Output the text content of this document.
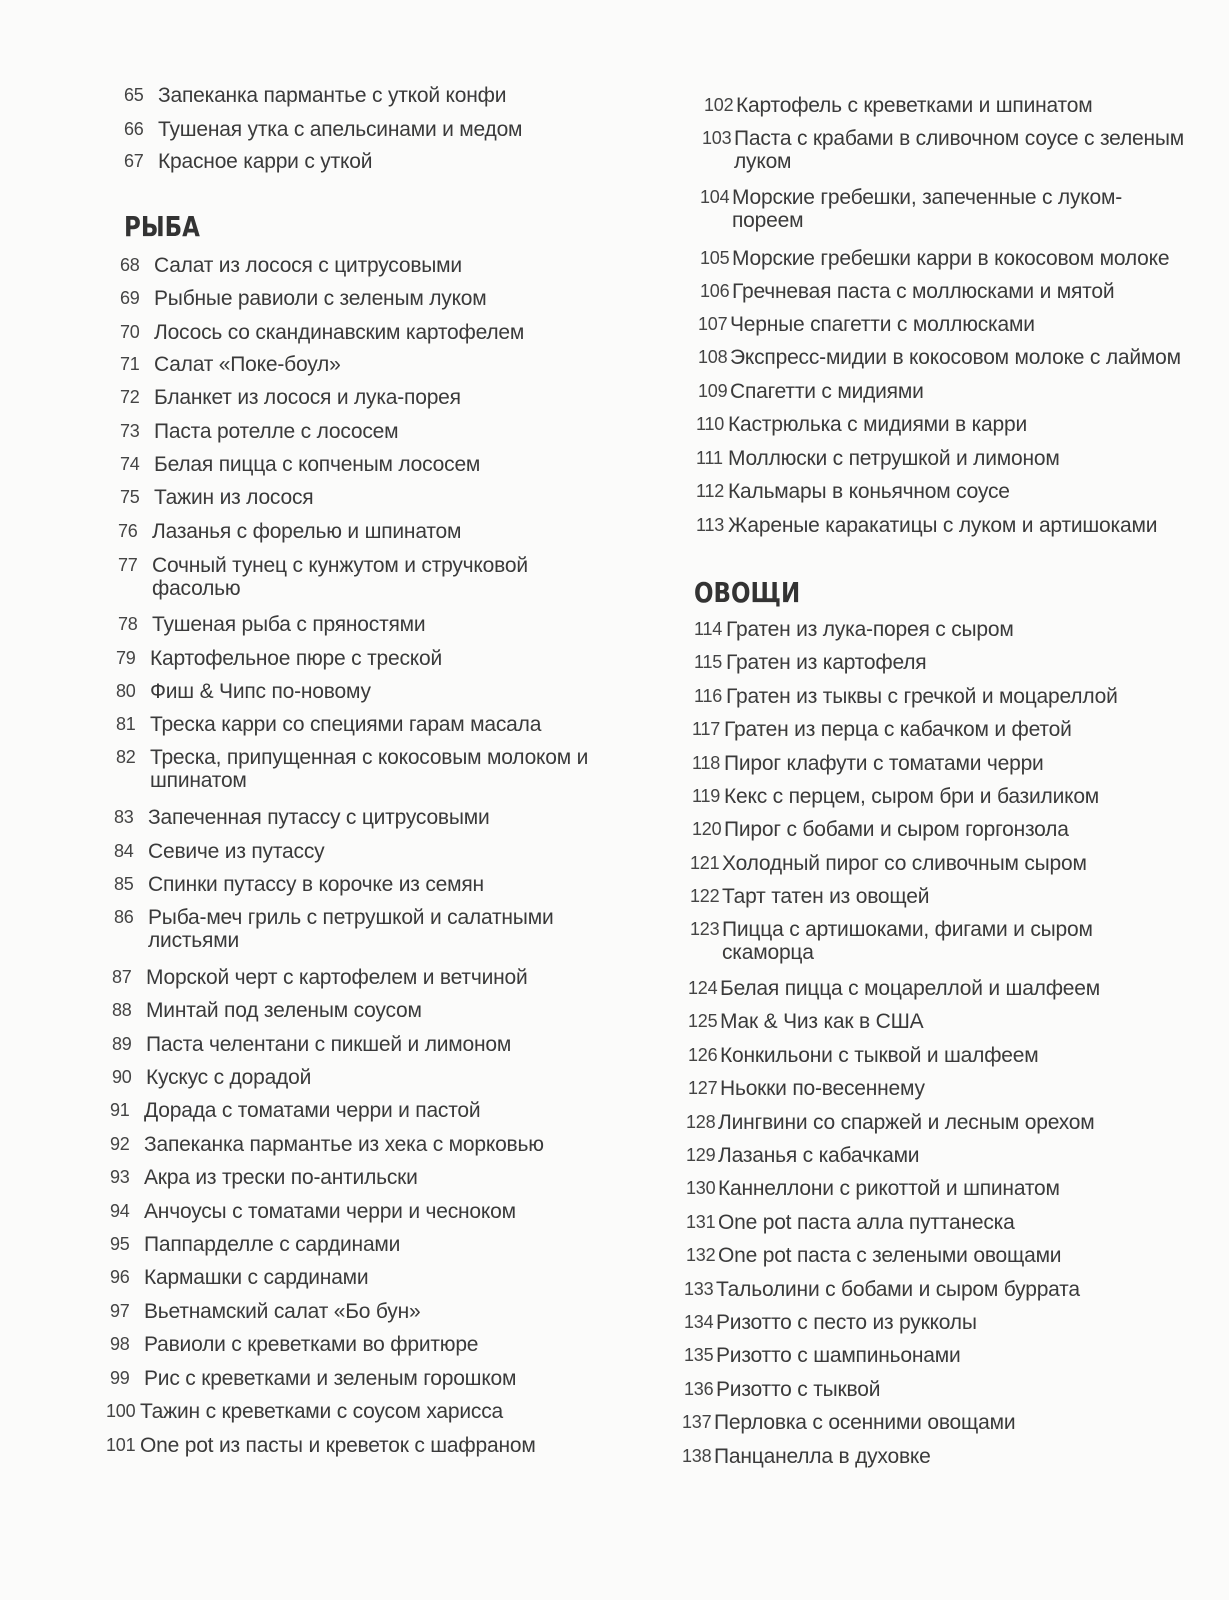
65 Запеканка пармантье с уткой конфи
66 Тушеная утка с апельсинами и медом
67 Красное карри с уткой
РЫБА
68 Салат из лосося с цитрусовыми
69 Рыбные равиоли с зеленым луком
70 Лосось со скандинавским картофелем
71 Салат «Поке-боул»
72 Бланкет из лосося и лука-порея
73 Паста ротелле с лососем
74 Белая пицца с копченым лососем
75 Тажин из лосося
76 Лазанья с форелью и шпинатом
77 Сочный тунец с кунжутом и стручковой фасолью
78 Тушеная рыба с пряностями
79 Картофельное пюре с треской
80 Фиш & Чипс по-новому
81 Треска карри со специями гарам масала
82 Треска, припущенная с кокосовым молоком и шпинатом
83 Запеченная путассу с цитрусовыми
84 Севиче из путассу
85 Спинки путассу в корочке из семян
86 Рыба-меч гриль с петрушкой и салатными листьями
87 Морской черт с картофелем и ветчиной
88 Минтай под зеленым соусом
89 Паста челентани с пикшей и лимоном
90 Кускус с дорадой
91 Дорада с томатами черри и пастой
92 Запеканка пармантье из хека с морковью
93 Акра из трески по-антильски
94 Анчоусы с томатами черри и чесноком
95 Паппарделле с сардинами
96 Кармашки с сардинами
97 Вьетнамский салат «Бо бун»
98 Равиоли с креветками во фритюре
99 Рис с креветками и зеленым горошком
100 Тажин с креветками с соусом харисса
101 One pot из пасты и креветок с шафраном
102 Картофель с креветками и шпинатом
103 Паста с крабами в сливочном соусе с зеленым луком
104 Морские гребешки, запеченные с луком-пореем
105 Морские гребешки карри в кокосовом молоке
106 Гречневая паста с моллюсками и мятой
107 Черные спагетти с моллюсками
108 Экспресс-мидии в кокосовом молоке с лаймом
109 Спагетти с мидиями
110 Кастрюлька с мидиями в карри
111 Моллюски с петрушкой и лимоном
112 Кальмары в коньячном соусе
113 Жареные каракатицы с луком и артишоками
ОВОЩИ
114 Гратен из лука-порея с сыром
115 Гратен из картофеля
116 Гратен из тыквы с гречкой и моцареллой
117 Гратен из перца с кабачком и фетой
118 Пирог клафути с томатами черри
119 Кекс с перцем, сыром бри и базиликом
120 Пирог с бобами и сыром горгонзола
121 Холодный пирог со сливочным сыром
122 Тарт татен из овощей
123 Пицца с артишоками, фигами и сыром скаморца
124 Белая пицца с моцареллой и шалфеем
125 Мак & Чиз как в США
126 Конкильони с тыквой и шалфеем
127 Ньокки по-весеннему
128 Лингвини со спаржей и лесным орехом
129 Лазанья с кабачками
130 Каннеллони с рикоттой и шпинатом
131 One pot паста алла путтанеска
132 One pot паста с зелеными овощами
133 Тальолини с бобами и сыром буррата
134 Ризотто с песто из рукколы
135 Ризотто с шампиньонами
136 Ризотто с тыквой
137 Перловка с осенними овощами
138 Панцанелла в духовке
